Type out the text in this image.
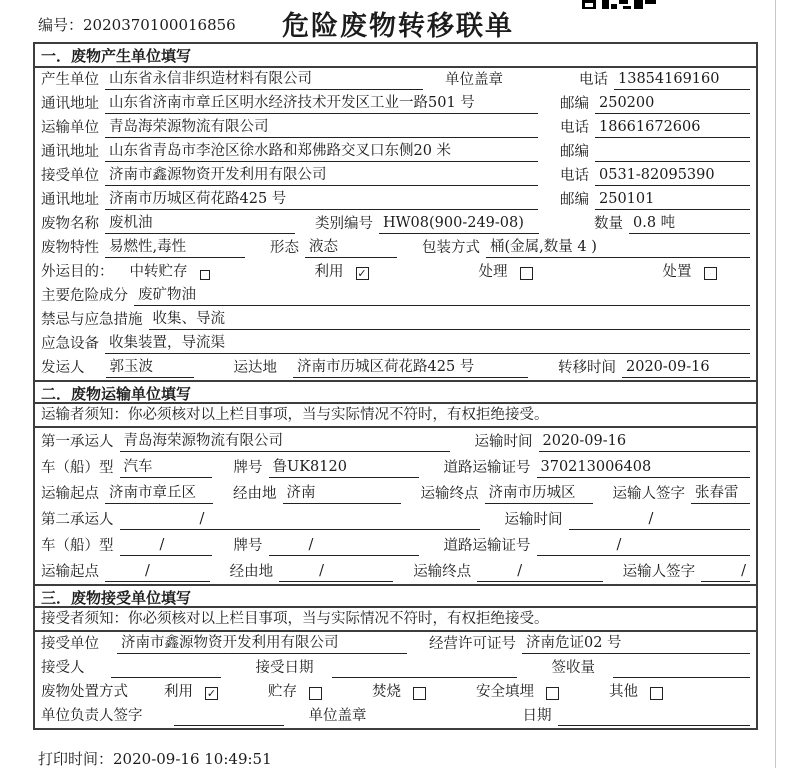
编号：2020370100016856	危险废物转移联单
一．废物产生单位填写
产生单位 山东省永信非织造材料有限公司	单位盖章	电话 13854169160
通讯地址 山东省济南市章丘区明水经济技术开发区工业一路501 号	邮编 250200
运输单位 青岛海荣源物流有限公司	电话 18661672606
通讯地址 山东省青岛市李沧区徐水路和郑佛路交叉口东侧20 米	邮编
接受单位 济南市鑫源物资开发利用有限公司	电话 0531-82095390
通讯地址 济南市历城区荷花路425 号	邮编 250101
废物名称 废机油	类别编号 HW08(900-249-08)	数量 0.8 吨
废物特性 易燃性,毒性	形态 液态	包装方式 桶(金属,数量 4 )
外运目的： 中转贮存	利用 ✓	处理	处置
主要危险成分 废矿物油
禁忌与应急措施 收集、导流
应急设备 收集装置，导流渠
发运人 郭玉波	运达地 济南市历城区荷花路425 号	转移时间 2020-09-16
二．废物运输单位填写
运输者须知：你必须核对以上栏目事项，当与实际情况不符时，有权拒绝接受。
第一承运人 青岛海荣源物流有限公司	运输时间 2020-09-16
车（船）型 汽车	牌号 鲁UK8120	道路运输证号 370213006408
运输起点 济南市章丘区	经由地 济南	运输终点 济南市历城区	运输人签字 张春雷
第二承运人	/	运输时间	/
车（船）型	/	牌号	/	道路运输证号	/
运输起点	/	经由地	/	运输终点	/	运输人签字	/
三．废物接受单位填写
接受者须知：你必须核对以上栏目事项，当与实际情况不符时，有权拒绝接受。
接受单位 济南市鑫源物资开发利用有限公司	经营许可证号 济南危证02 号
接受人	接受日期	签收量
废物处置方式 利用 ✓	贮存	焚烧	安全填埋	其他
单位负责人签字	单位盖章	日期
打印时间：2020-09-16 10:49:51
